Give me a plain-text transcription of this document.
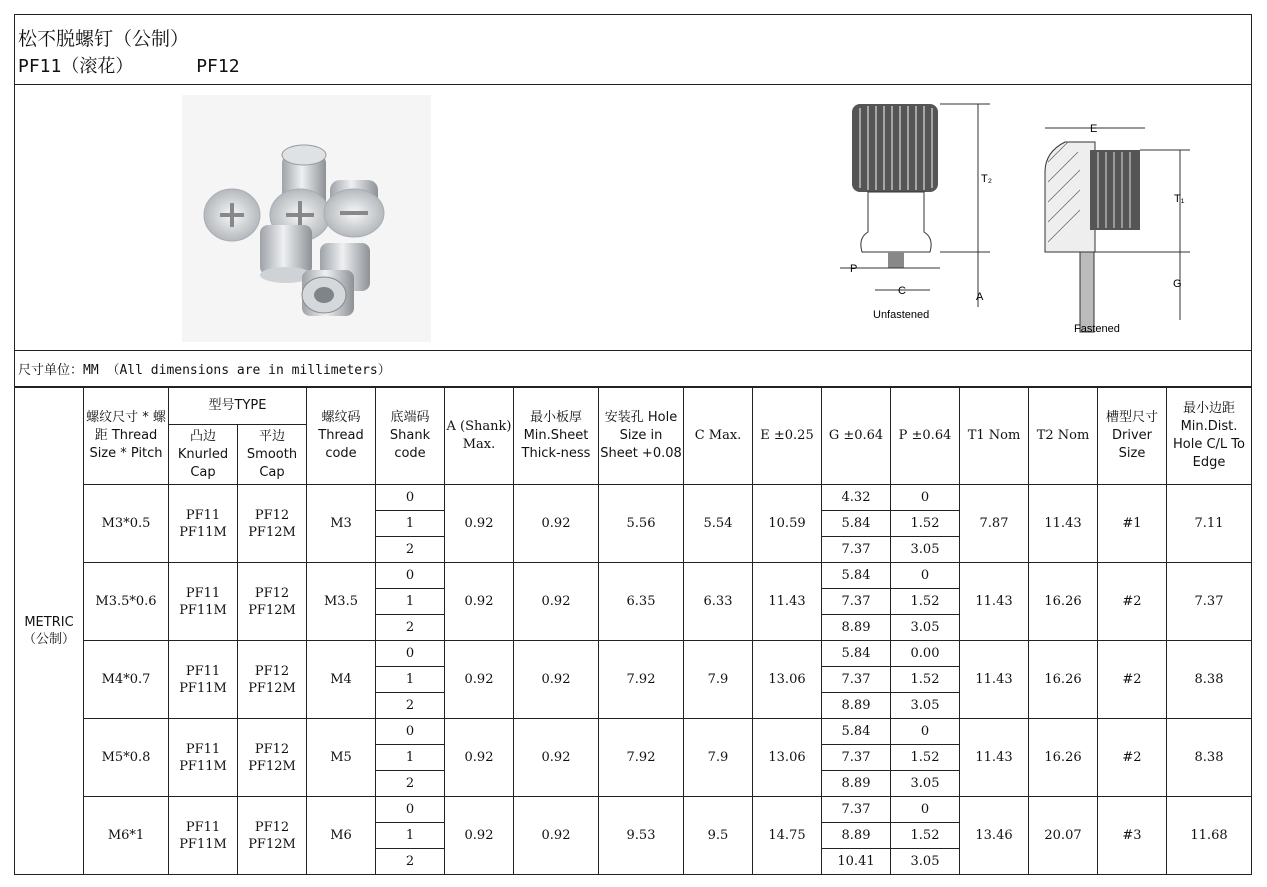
松不脱螺钉（公制）
PF11（滚花）	PF12
T₂
A
P
C
Unfastened
E
T₁
G
Fastened
尺寸单位：MM （All dimensions are in millimeters）
METRIC（公制）	螺纹尺寸 * 螺距 Thread Size * Pitch	型号TYPE		螺纹码 Thread code	底端码 Shank code	A (Shank) Max.	最小板厚 Min.Sheet Thick-ness	安装孔 Hole Size in Sheet +0.08	C Max.	E ±0.25	G ±0.64	P ±0.64	T1 Nom	T2 Nom	槽型尺寸 Driver Size	最小边距 Min.Dist. Hole C/L To Edge
		凸边 Knurled Cap	平边 Smooth Cap													
	M3*0.5	PF11 PF11M	PF12 PF12M	M3	0	0.92	0.92	5.56	5.54	10.59	4.32	0	7.87	11.43	#1	7.11
					1						5.84	1.52				
					2						7.37	3.05				
	M3.5*0.6	PF11 PF11M	PF12 PF12M	M3.5	0	0.92	0.92	6.35	6.33	11.43	5.84	0	11.43	16.26	#2	7.37
					1						7.37	1.52				
					2						8.89	3.05				
	M4*0.7	PF11 PF11M	PF12 PF12M	M4	0	0.92	0.92	7.92	7.9	13.06	5.84	0.00	11.43	16.26	#2	8.38
					1						7.37	1.52				
					2						8.89	3.05				
	M5*0.8	PF11 PF11M	PF12 PF12M	M5	0	0.92	0.92	7.92	7.9	13.06	5.84	0	11.43	16.26	#2	8.38
					1						7.37	1.52				
					2						8.89	3.05				
	M6*1	PF11 PF11M	PF12 PF12M	M6	0	0.92	0.92	9.53	9.5	14.75	7.37	0	13.46	20.07	#3	11.68
					1						8.89	1.52				
					2						10.41	3.05				
